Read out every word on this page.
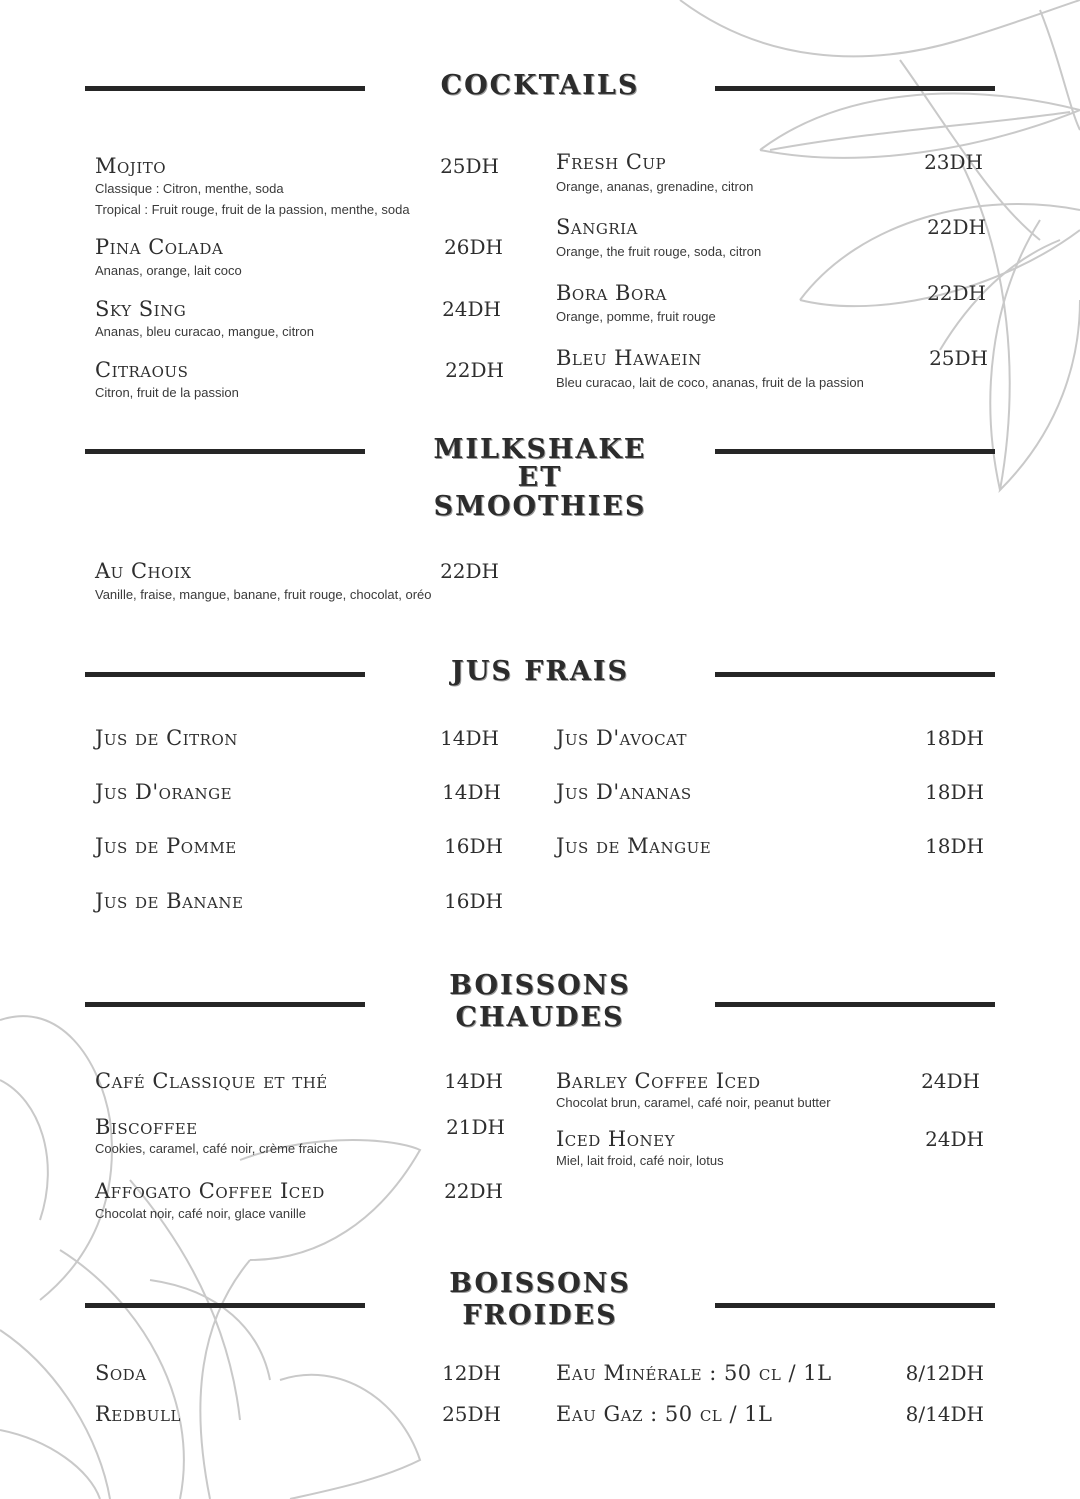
COCKTAILS
Mojito	25DH
Classique : Citron, menthe, soda
Tropical : Fruit rouge, fruit de la passion, menthe, soda
Pina Colada	26DH
Ananas, orange, lait coco
Sky Sing	24DH
Ananas, bleu curacao, mangue, citron
Citraous	22DH
Citron, fruit de la passion
Fresh Cup	23DH
Orange, ananas, grenadine, citron
Sangria	22DH
Orange, the fruit rouge, soda, citron
Bora Bora	22DH
Orange, pomme, fruit rouge
Bleu Hawaein	25DH
Bleu curacao, lait de coco, ananas, fruit de la passion
MILKSHAKE
ET
SMOOTHIES
Au Choix	22DH
Vanille, fraise, mangue, banane, fruit rouge, chocolat, oréo
JUS FRAIS
Jus de Citron	14DH
Jus D'orange	14DH
Jus de Pomme	16DH
Jus de Banane	16DH
Jus D'avocat	18DH
Jus D'ananas	18DH
Jus de Mangue	18DH
BOISSONS
CHAUDES
Café Classique et thé	14DH
Biscoffee	21DH
Cookies, caramel, café noir, crème fraiche
Affogato Coffee Iced	22DH
Chocolat noir, café noir, glace vanille
Barley Coffee Iced	24DH
Chocolat brun, caramel, café noir, peanut butter
Iced Honey	24DH
Miel, lait froid, café noir, lotus
BOISSONS
FROIDES
Soda	12DH
Redbull	25DH
Eau Minérale : 50 cl / 1L	8/12DH
Eau Gaz : 50 cl / 1L	8/14DH
